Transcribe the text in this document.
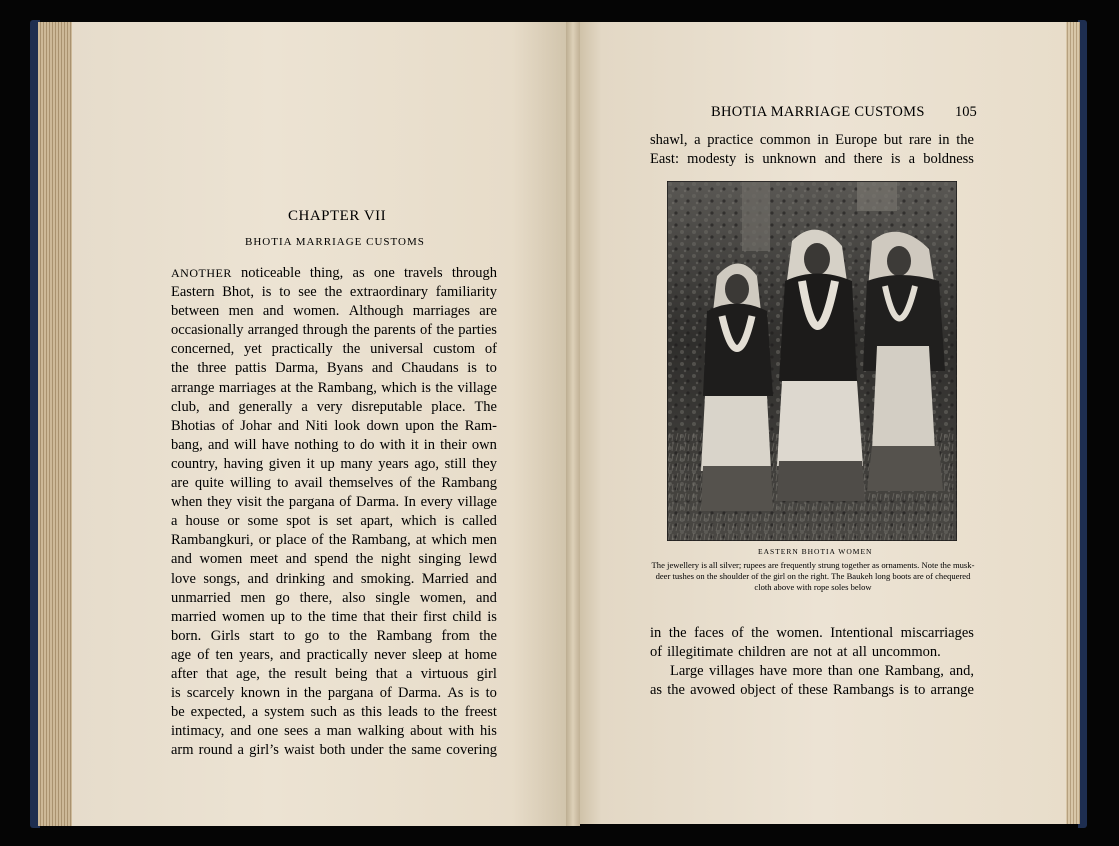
CHAPTER VII
BHOTIA MARRIAGE CUSTOMS
ANOTHER noticeable thing, as one travels through
Eastern Bhot, is to see the extraordinary familiarity
between men and women. Although marriages are
occasionally arranged through the parents of the parties
concerned, yet practically the universal custom of
the three pattis Darma, Byans and Chaudans is to
arrange marriages at the Rambang, which is the village
club, and generally a very disreputable place. The
Bhotias of Johar and Niti look down upon the Ram-
bang, and will have nothing to do with it in their own
country, having given it up many years ago, still they
are quite willing to avail themselves of the Rambang
when they visit the pargana of Darma. In every village
a house or some spot is set apart, which is called
Rambangkuri, or place of the Rambang, at which men
and women meet and spend the night singing lewd
love songs, and drinking and smoking. Married and
unmarried men go there, also single women, and
married women up to the time that their first child is
born. Girls start to go to the Rambang from the
age of ten years, and practically never sleep at home
after that age, the result being that a virtuous girl
is scarcely known in the pargana of Darma. As is to
be expected, a system such as this leads to the freest
intimacy, and one sees a man walking about with his
arm round a girl’s waist both under the same covering
BHOTIA MARRIAGE CUSTOMS 105
shawl, a practice common in Europe but rare in the
East: modesty is unknown and there is a boldness
EASTERN BHOTIA WOMEN
The jewellery is all silver; rupees are frequently strung together as ornaments. Note the musk-deer tushes on the shoulder of the girl on the right. The Baukeh long boots are of chequered cloth above with rope soles below
in the faces of the women. Intentional miscarriages
of illegitimate children are not at all uncommon.
Large villages have more than one Rambang, and,
as the avowed object of these Rambangs is to arrange
